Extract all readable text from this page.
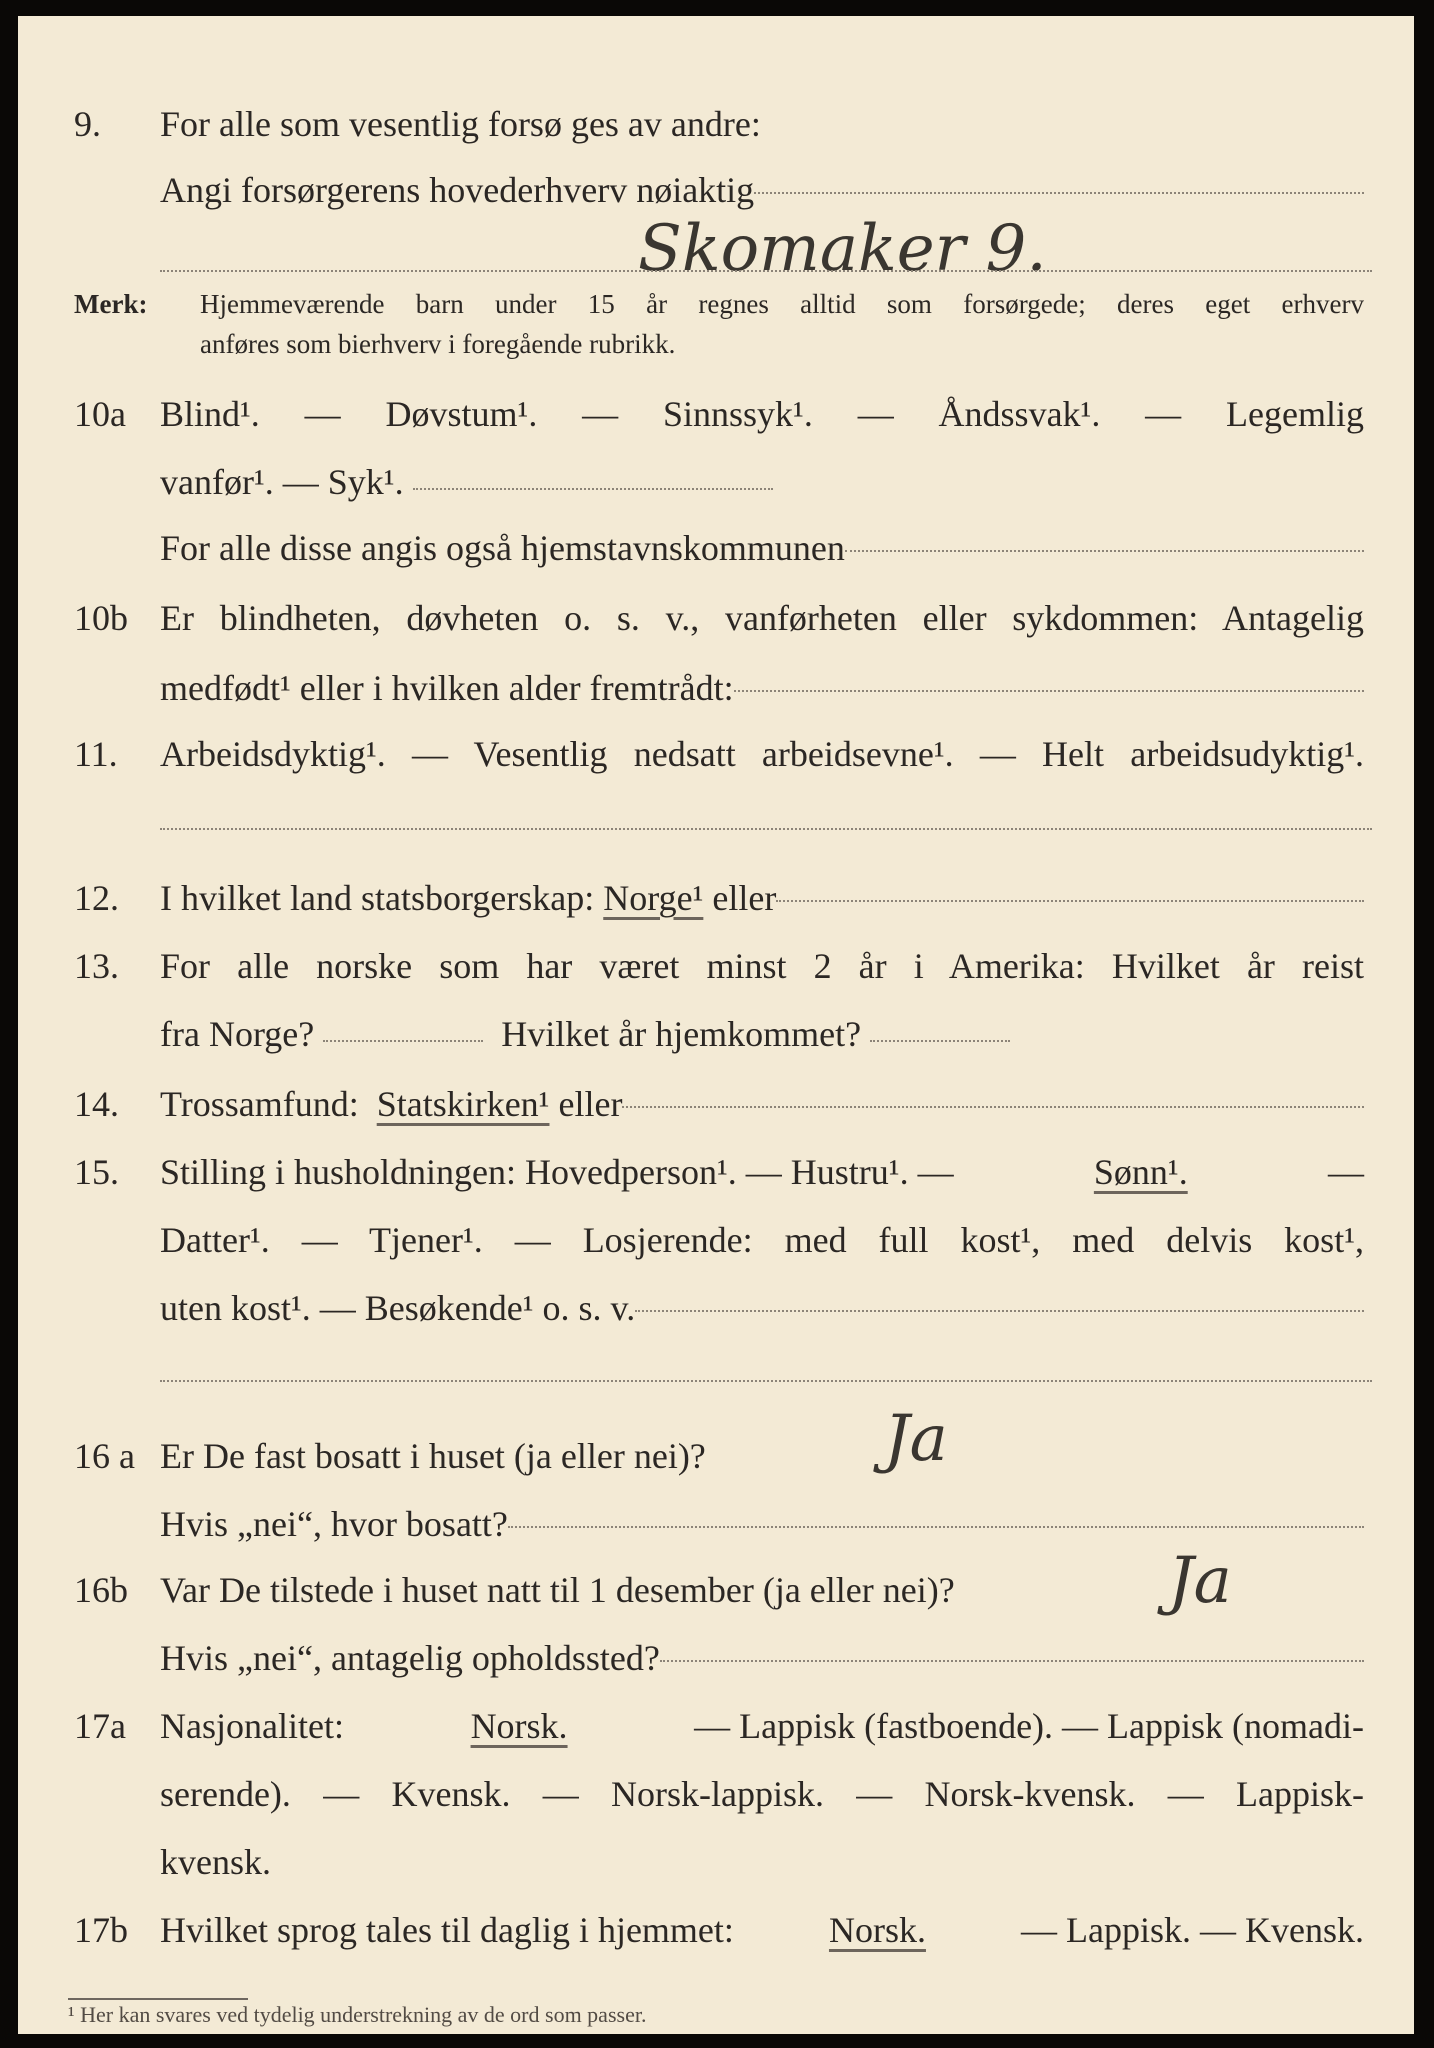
9. For alle som vesentlig forsø ges av andre:
Angi forsørgerens hovederhverv nøiaktig
Skomaker 9.
Merk: Hjemmeværende barn under 15 år regnes alltid som forsørgede; deres eget erhverv
anføres som bierhverv i foregående rubrikk.
10a Blind¹. — Døvstum¹. — Sinnssyk¹. — Åndssvak¹. — Legemlig
vanfør¹. — Syk¹.
For alle disse angis også hjemstavnskommunen
10b Er blindheten, døvheten o. s. v., vanførheten eller sykdommen: Antagelig
medfødt¹ eller i hvilken alder fremtrådt:
11. Arbeidsdyktig¹. — Vesentlig nedsatt arbeidsevne¹. — Helt arbeidsudyktig¹.
12. I hvilket land statsborgerskap:
Norge¹
eller
13. For alle norske som har været minst 2 år i Amerika: Hvilket år reist
fra Norge?	Hvilket år hjemkommet?
14. Trossamfund:
Statskirken¹
eller
15. Stilling i husholdningen: Hovedperson¹. — Hustru¹. —	Sønn¹.	—
Datter¹. — Tjener¹. — Losjerende: med full kost¹, med delvis kost¹,
uten kost¹. — Besøkende¹ o. s. v.
16 a Er De fast bosatt i huset (ja eller nei)?	Ja
Hvis „nei“, hvor bosatt?
16b Var De tilstede i huset natt til 1 desember (ja eller nei)?	Ja
Hvis „nei“, antagelig opholdssted?
17a Nasjonalitet:	Norsk.	— Lappisk (fastboende). — Lappisk (nomadi-
serende). — Kvensk. — Norsk-lappisk. — Norsk-kvensk. — Lappisk-
kvensk.
17b Hvilket sprog tales til daglig i hjemmet:	Norsk.	— Lappisk. — Kvensk.
¹ Her kan svares ved tydelig understrekning av de ord som passer.
